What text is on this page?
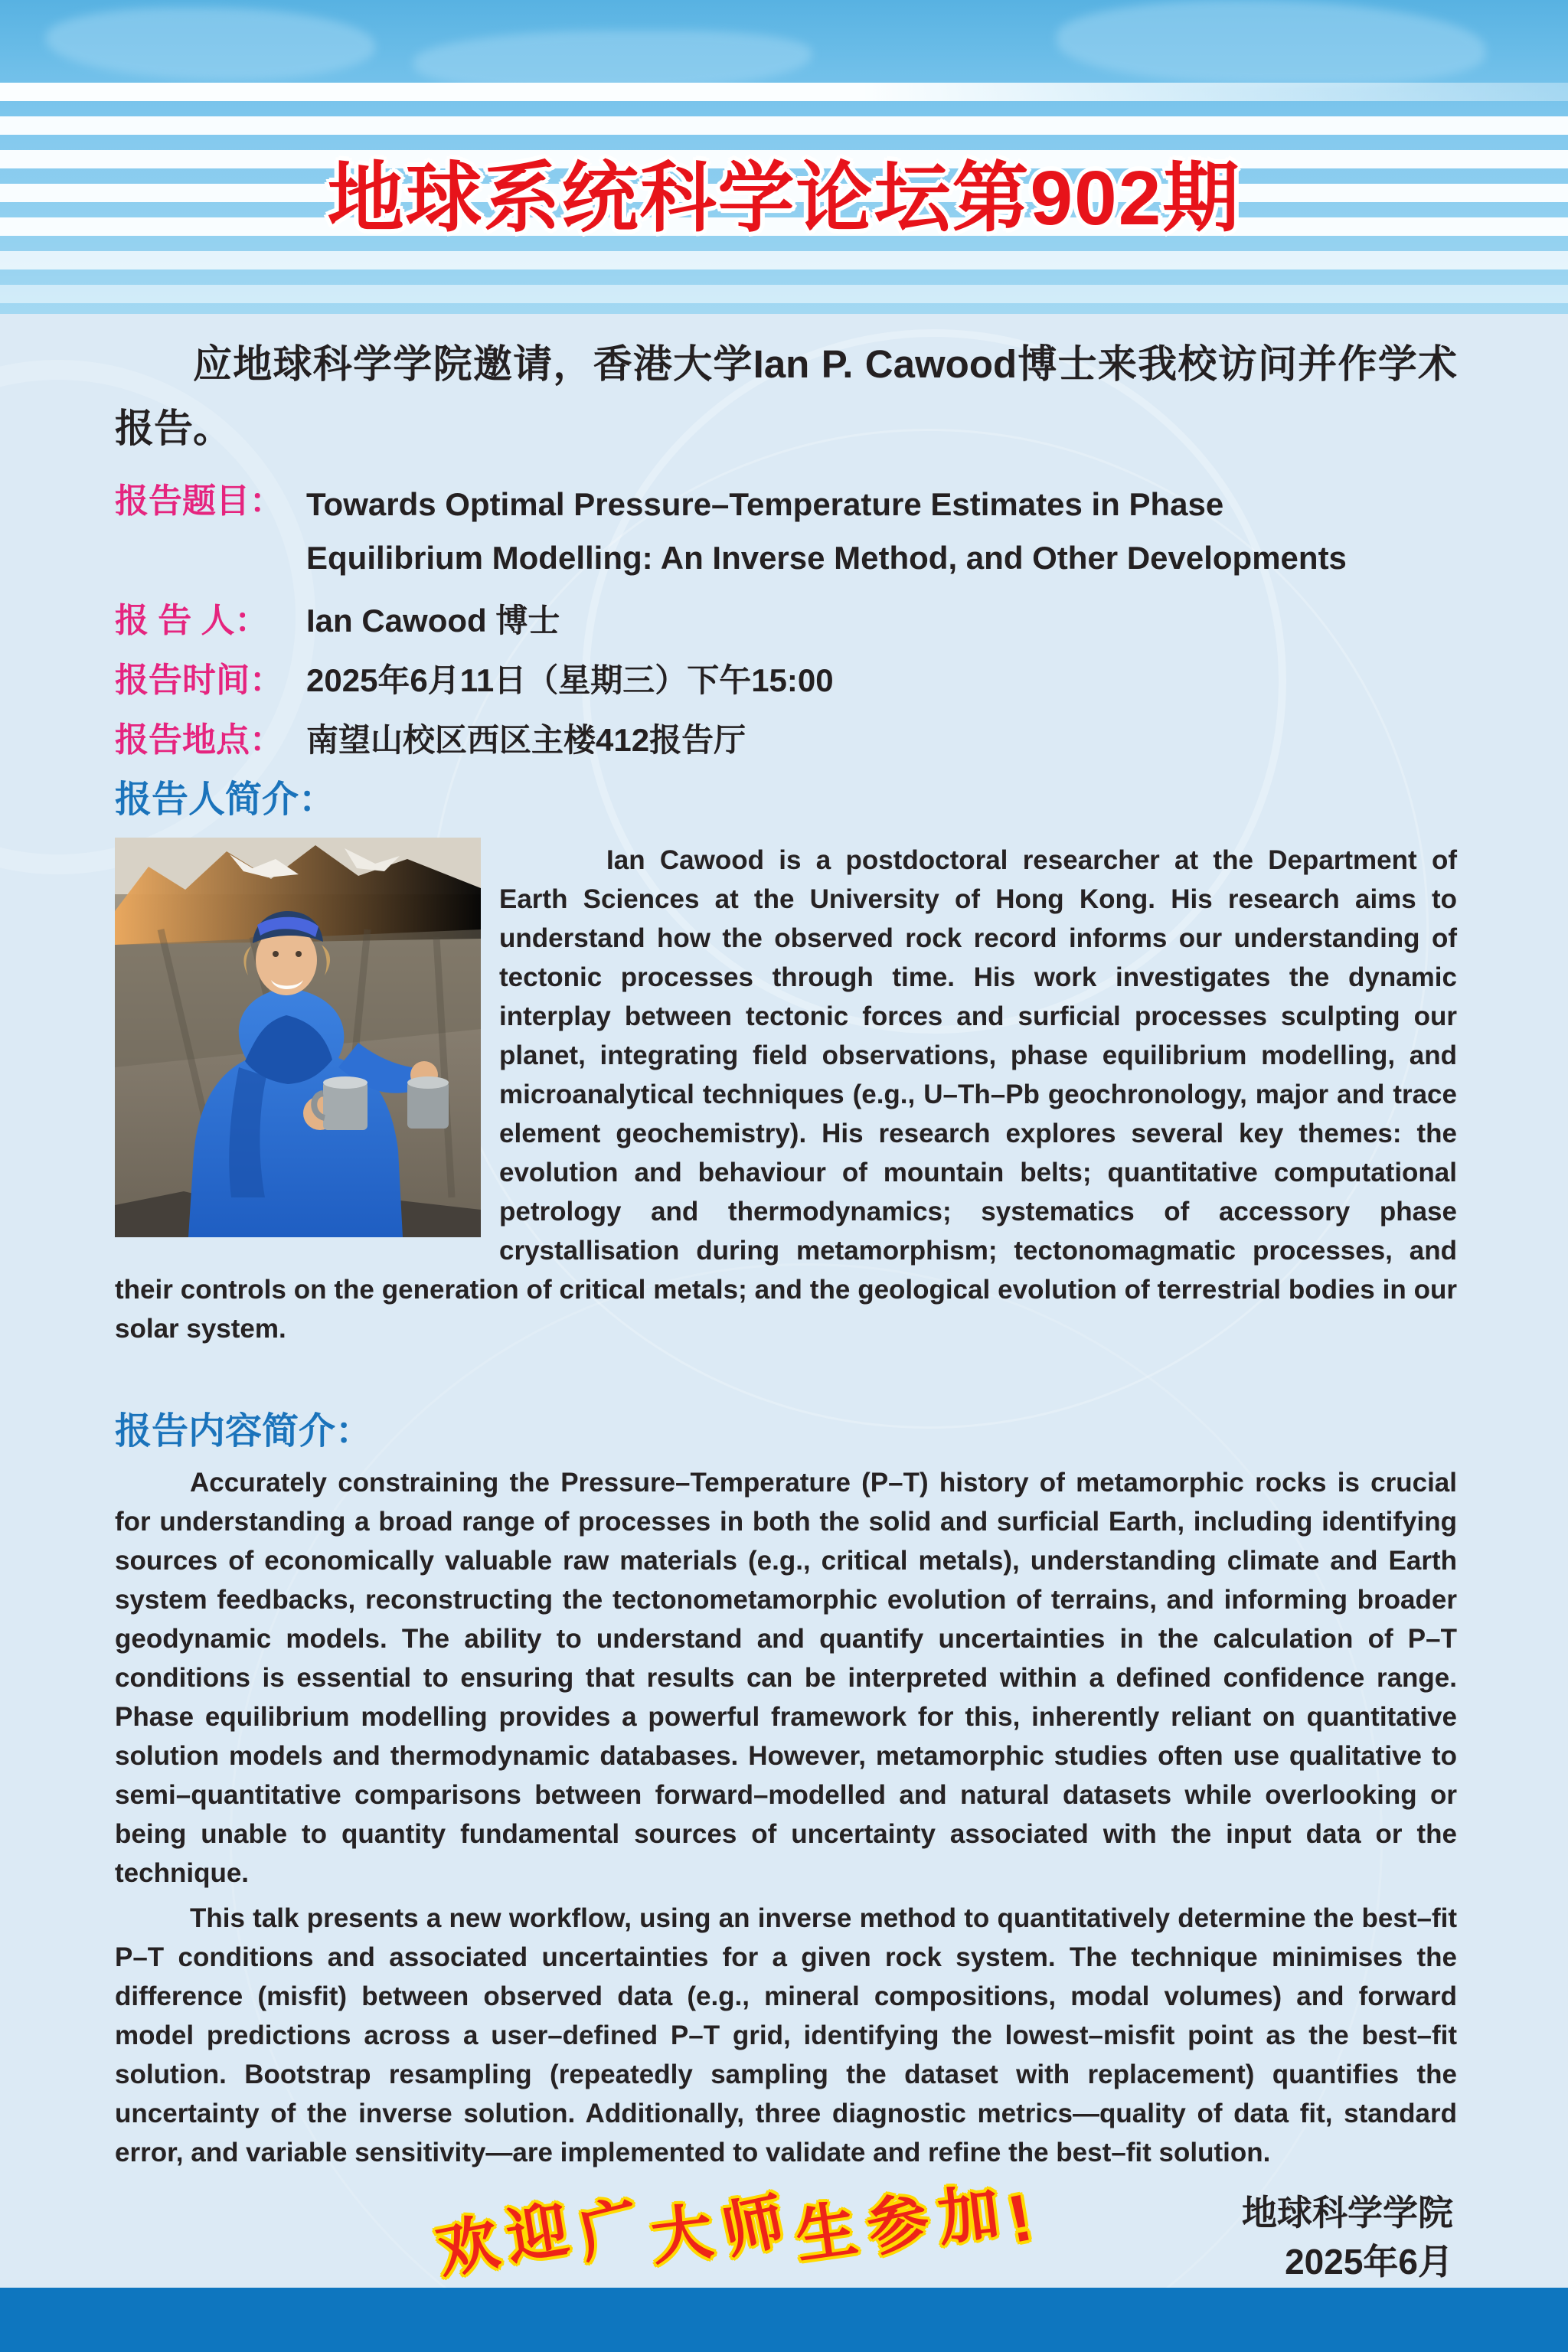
地球系统科学论坛第902期

应地球科学学院邀请，香港大学Ian P. Cawood博士来我校访问并作学术报告。

报告题目： Towards Optimal Pressure–Temperature Estimates in Phase
Equilibrium Modelling: An Inverse Method, and Other Developments
报 告 人：	Ian Cawood 博士
报告时间： 2025年6月11日（星期三）下午15:00
报告地点： 南望山校区西区主楼412报告厅
报告人简介：

Ian Cawood is a postdoctoral researcher at the Department of Earth Sciences at the University of Hong Kong. His research aims to understand how the observed rock record informs our understanding of tectonic processes through time. His work investigates the dynamic interplay between tectonic forces and surficial processes sculpting our planet, integrating field observations, phase equilibrium modelling, and microanalytical techniques (e.g., U–Th–Pb geochronology, major and trace element geochemistry). His research explores several key themes: the evolution and behaviour of mountain belts; quantitative computational petrology and thermodynamics; systematics of accessory phase crystallisation during metamorphism; tectonomagmatic processes, and their controls on the generation of critical metals; and the geological evolution of terrestrial bodies in our solar system.

报告内容简介：

Accurately constraining the Pressure–Temperature (P–T) history of metamorphic rocks is crucial for understanding a broad range of processes in both the solid and surficial Earth, including identifying sources of economically valuable raw materials (e.g., critical metals), understanding climate and Earth system feedbacks, reconstructing the tectonometamorphic evolution of terrains, and informing broader geodynamic models. The ability to understand and quantify uncertainties in the calculation of P–T conditions is essential to ensuring that results can be interpreted within a defined confidence range. Phase equilibrium modelling provides a powerful framework for this, inherently reliant on quantitative solution models and thermodynamic databases. However, metamorphic studies often use qualitative to semi–quantitative comparisons between forward–modelled and natural datasets while overlooking or being unable to quantity fundamental sources of uncertainty associated with the input data or the technique.

This talk presents a new workflow, using an inverse method to quantitatively determine the best–fit P–T conditions and associated uncertainties for a given rock system. The technique minimises the difference (misfit) between observed data (e.g., mineral compositions, modal volumes) and forward model predictions across a user–defined P–T grid, identifying the lowest–misfit point as the best–fit solution. Bootstrap resampling (repeatedly sampling the dataset with replacement) quantifies the uncertainty of the inverse solution. Additionally, three diagnostic metrics—quality of data fit, standard error, and variable sensitivity—are implemented to validate and refine the best–fit solution.

欢迎广大师生参加!	地球科学学院
2025年6月
